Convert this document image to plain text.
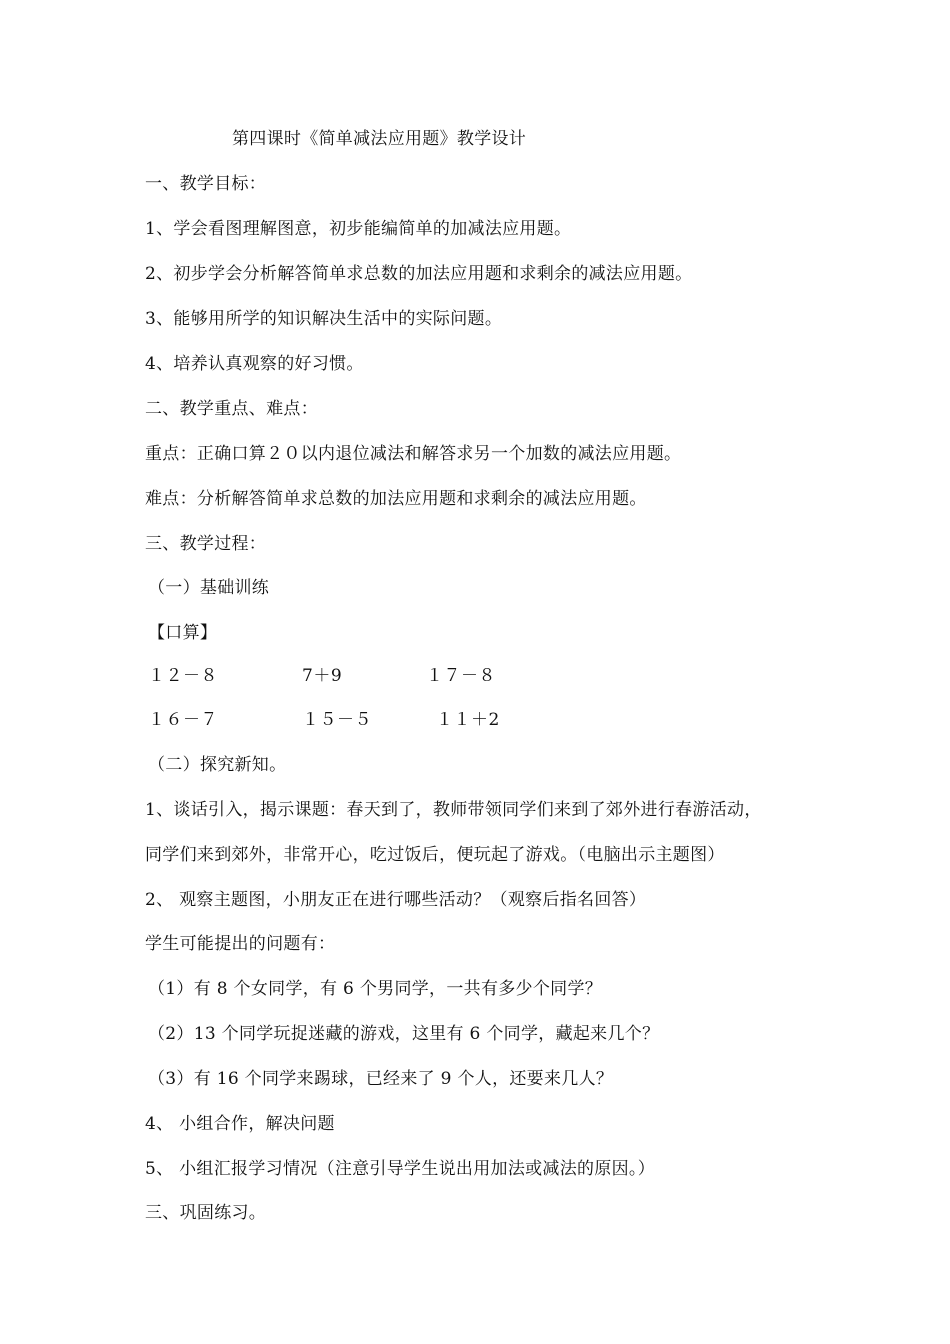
第四课时《简单减法应用题》教学设计
一、教学目标：
1、学会看图理解图意，初步能编简单的加减法应用题。
2、初步学会分析解答简单求总数的加法应用题和求剩余的减法应用题。
3、能够用所学的知识解决生活中的实际问题。
4、培养认真观察的好习惯。
二、教学重点、难点：
重点：正确口算２０以内退位减法和解答求另一个加数的减法应用题。
难点：分析解答简单求总数的加法应用题和求剩余的减法应用题。
三、教学过程：
（一）基础训练
【口算】
１２－８	7＋9	１７－８
１６－７	１５－５	１１＋2
（二）探究新知。
1、谈话引入，揭示课题：春天到了，教师带领同学们来到了郊外进行春游活动，
同学们来到郊外，非常开心，吃过饭后，便玩起了游戏。（电脑出示主题图）
2、 观察主题图，小朋友正在进行哪些活动？（观察后指名回答）
学生可能提出的问题有：
（1）有 8 个女同学，有 6 个男同学，一共有多少个同学？
（2）13 个同学玩捉迷藏的游戏，这里有 6 个同学，藏起来几个？
（3）有 16 个同学来踢球，已经来了 9 个人，还要来几人？
4、 小组合作，解决问题
5、 小组汇报学习情况（注意引导学生说出用加法或减法的原因。）
三、巩固练习。
